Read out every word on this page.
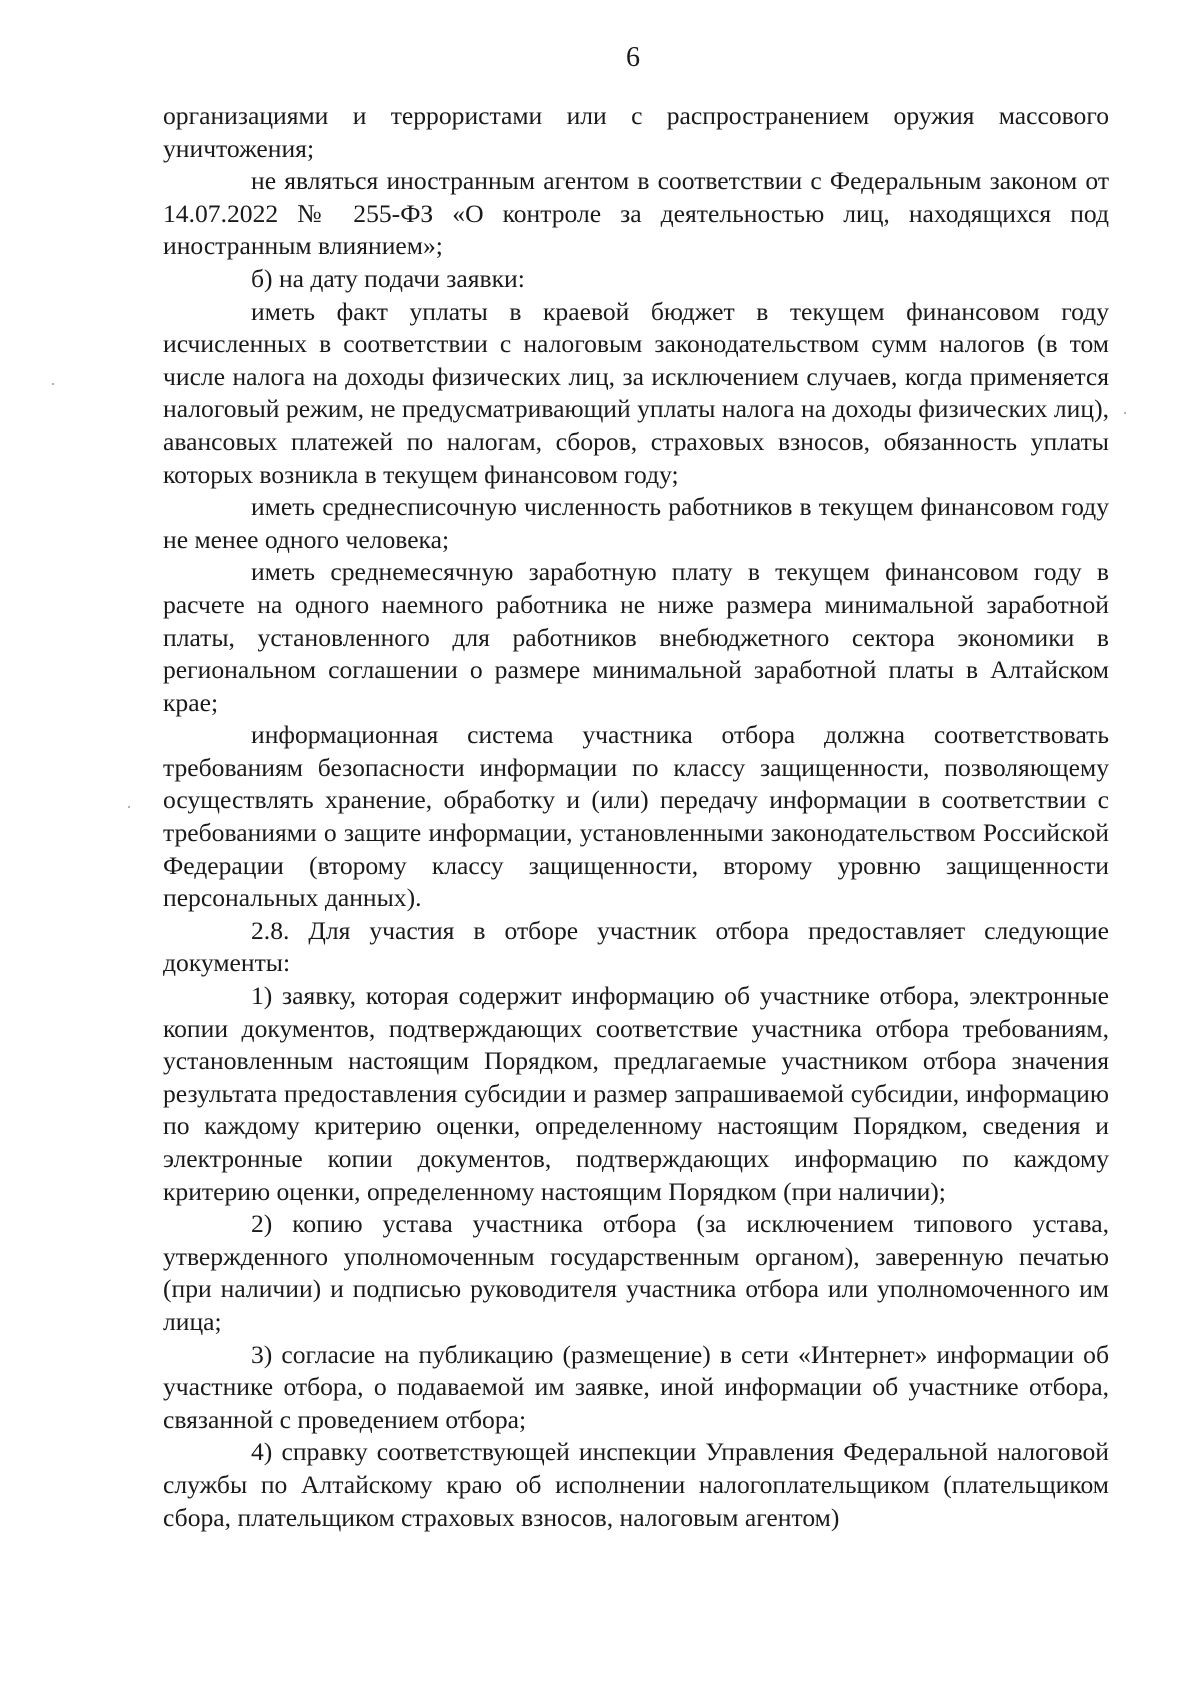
6

организациями и террористами или с распространением оружия массового уничтожения;

не являться иностранным агентом в соответствии с Федеральным законом от 14.07.2022 № 255-ФЗ «О контроле за деятельностью лиц, находящихся под иностранным влиянием»;

б) на дату подачи заявки:

иметь факт уплаты в краевой бюджет в текущем финансовом году исчисленных в соответствии с налоговым законодательством сумм налогов (в том числе налога на доходы физических лиц, за исключением случаев, когда применяется налоговый режим, не предусматривающий уплаты налога на доходы физических лиц), авансовых платежей по налогам, сборов, страховых взносов, обязанность уплаты которых возникла в текущем финансовом году;

иметь среднесписочную численность работников в текущем финансовом году не менее одного человека;

иметь среднемесячную заработную плату в текущем финансовом году в расчете на одного наемного работника не ниже размера минимальной заработной платы, установленного для работников внебюджетного сектора экономики в региональном соглашении о размере минимальной заработной платы в Алтайском крае;

информационная система участника отбора должна соответствовать требованиям безопасности информации по классу защищенности, позволяющему осуществлять хранение, обработку и (или) передачу информации в соответствии с требованиями о защите информации, установленными законодательством Российской Федерации (второму классу защищенности, второму уровню защищенности персональных данных).

2.8. Для участия в отборе участник отбора предоставляет следующие документы:

1) заявку, которая содержит информацию об участнике отбора, электронные копии документов, подтверждающих соответствие участника отбора требованиям, установленным настоящим Порядком, предлагаемые участником отбора значения результата предоставления субсидии и размер запрашиваемой субсидии, информацию по каждому критерию оценки, определенному настоящим Порядком, сведения и электронные копии документов, подтверждающих информацию по каждому критерию оценки, определенному настоящим Порядком (при наличии);

2) копию устава участника отбора (за исключением типового устава, утвержденного уполномоченным государственным органом), заверенную печатью (при наличии) и подписью руководителя участника отбора или уполномоченного им лица;

3) согласие на публикацию (размещение) в сети «Интернет» информации об участнике отбора, о подаваемой им заявке, иной информации об участнике отбора, связанной с проведением отбора;

4) справку соответствующей инспекции Управления Федеральной налоговой службы по Алтайскому краю об исполнении налогоплательщиком (плательщиком сбора, плательщиком страховых взносов, налоговым агентом)
